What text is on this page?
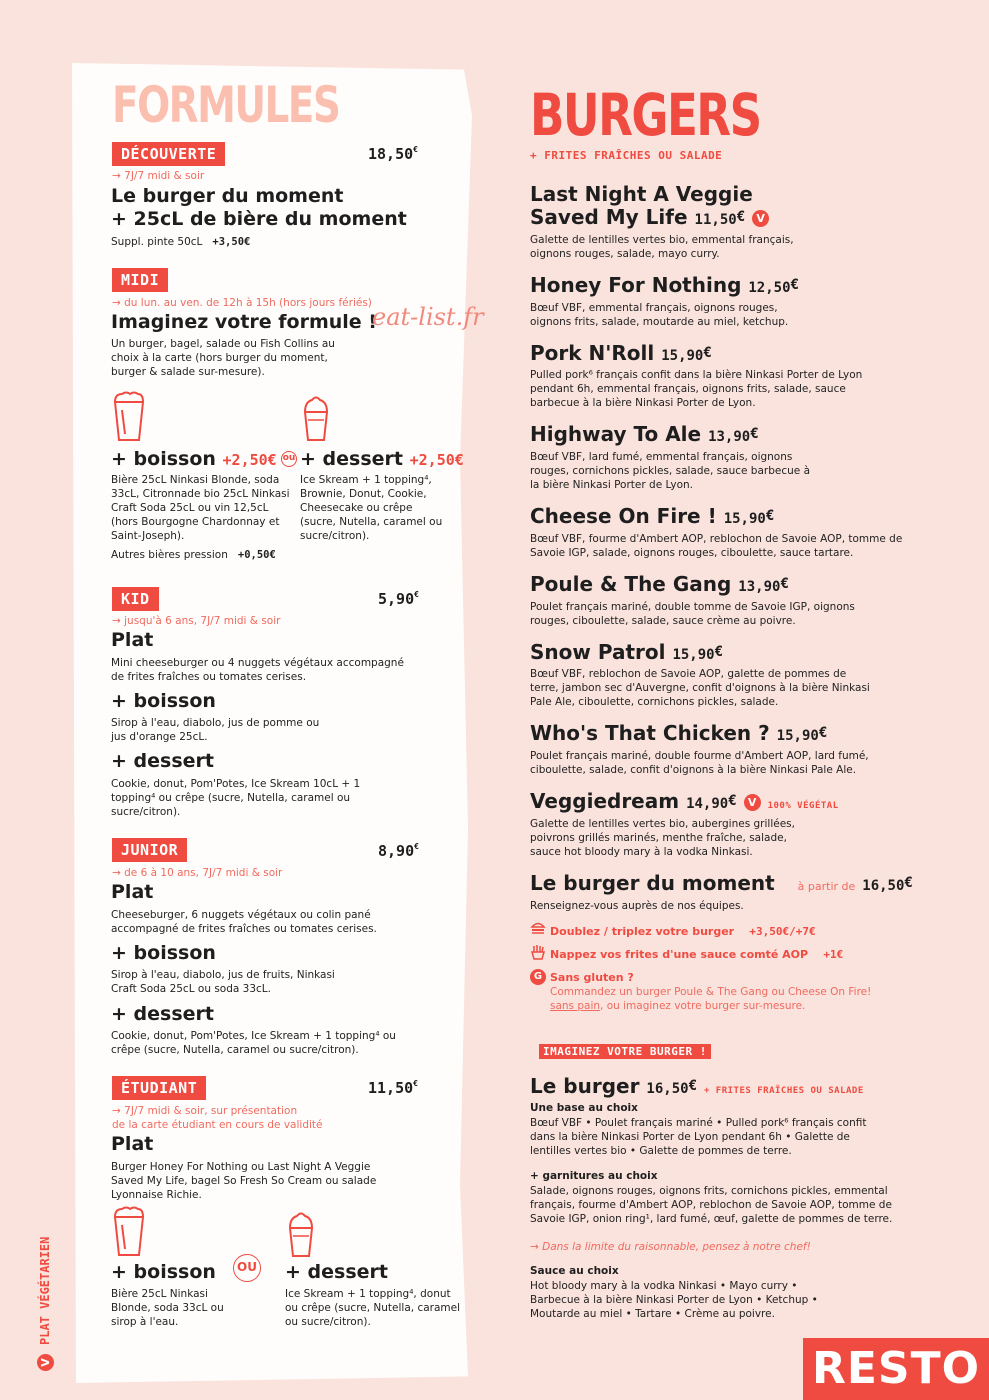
FORMULES
DÉCOUVERTE	18,50€
→ 7J/7 midi & soir
Le burger du moment
+ 25cL de bière du moment
Suppl. pinte 50cL +3,50€
MIDI
→ du lun. au ven. de 12h à 15h (hors jours fériés)
Imaginez votre formule !
eat-list.fr
Un burger, bagel, salade ou Fish Collins au choix à la carte (hors burger du moment, burger & salade sur-mesure).
+ boisson +2,50€ ou + dessert +2,50€
Bière 25cL Ninkasi Blonde, soda 33cL, Citronnade bio 25cL Ninkasi Craft Soda 25cL ou vin 12,5cL (hors Bourgogne Chardonnay et Saint-Joseph).
Autres bières pression +0,50€
Ice Skream + 1 topping⁴, Brownie, Donut, Cookie, Cheesecake ou crêpe (sucre, Nutella, caramel ou sucre/citron).
KID	5,90€
→ jusqu'à 6 ans, 7J/7 midi & soir
Plat
Mini cheeseburger ou 4 nuggets végétaux accompagné de frites fraîches ou tomates cerises.
+ boisson
Sirop à l'eau, diabolo, jus de pomme ou jus d'orange 25cL.
+ dessert
Cookie, donut, Pom'Potes, Ice Skream 10cL + 1 topping⁴ ou crêpe (sucre, Nutella, caramel ou sucre/citron).
JUNIOR	8,90€
→ de 6 à 10 ans, 7J/7 midi & soir
Plat
Cheeseburger, 6 nuggets végétaux ou colin pané accompagné de frites fraîches ou tomates cerises.
+ boisson
Sirop à l'eau, diabolo, jus de fruits, Ninkasi Craft Soda 25cL ou soda 33cL.
+ dessert
Cookie, donut, Pom'Potes, Ice Skream + 1 topping⁴ ou crêpe (sucre, Nutella, caramel ou sucre/citron).
ÉTUDIANT	11,50€
→ 7J/7 midi & soir, sur présentation
de la carte étudiant en cours de validité
Plat
Burger Honey For Nothing ou Last Night A Veggie Saved My Life, bagel So Fresh So Cream ou salade Lyonnaise Richie.
+ boisson	OU + dessert
Bière 25cL Ninkasi Blonde, soda 33cL ou sirop à l'eau.
Ice Skream + 1 topping⁴, donut ou crêpe (sucre, Nutella, caramel ou sucre/citron).
V
PLAT VÉGÉTARIEN
BURGERS
+ FRITES FRAÎCHES OU SALADE
Last Night A Veggie
Saved My Life 11,50€ V
Galette de lentilles vertes bio, emmental français, oignons rouges, salade, mayo curry.
Honey For Nothing 12,50€
Bœuf VBF, emmental français, oignons rouges, oignons frits, salade, moutarde au miel, ketchup.
Pork N'Roll 15,90€
Pulled pork⁶ français confit dans la bière Ninkasi Porter de Lyon pendant 6h, emmental français, oignons frits, salade, sauce barbecue à la bière Ninkasi Porter de Lyon.
Highway To Ale 13,90€
Bœuf VBF, lard fumé, emmental français, oignons rouges, cornichons pickles, salade, sauce barbecue à la bière Ninkasi Porter de Lyon.
Cheese On Fire ! 15,90€
Bœuf VBF, fourme d'Ambert AOP, reblochon de Savoie AOP, tomme de Savoie IGP, salade, oignons rouges, ciboulette, sauce tartare.
Poule & The Gang 13,90€
Poulet français mariné, double tomme de Savoie IGP, oignons rouges, ciboulette, salade, sauce crème au poivre.
Snow Patrol 15,90€
Bœuf VBF, reblochon de Savoie AOP, galette de pommes de terre, jambon sec d'Auvergne, confit d'oignons à la bière Ninkasi Pale Ale, ciboulette, cornichons pickles, salade.
Who's That Chicken ? 15,90€
Poulet français mariné, double fourme d'Ambert AOP, lard fumé, ciboulette, salade, confit d'oignons à la bière Ninkasi Pale Ale.
Veggiedream 14,90€ V 100% VÉGÉTAL
Galette de lentilles vertes bio, aubergines grillées, poivrons grillés marinés, menthe fraîche, salade, sauce hot bloody mary à la vodka Ninkasi.
Le burger du moment à partir de 16,50€
Renseignez-vous auprès de nos équipes.
Doublez / triplez votre burger +3,50€/+7€
Nappez vos frites d'une sauce comté AOP +1€
G Sans gluten ?
Commandez un burger Poule & The Gang ou Cheese On Fire!
sans pain, ou imaginez votre burger sur-mesure.
IMAGINEZ VOTRE BURGER !
Le burger 16,50€ + FRITES FRAÎCHES OU SALADE
Une base au choix
Bœuf VBF • Poulet français mariné • Pulled pork⁶ français confit dans la bière Ninkasi Porter de Lyon pendant 6h • Galette de lentilles vertes bio • Galette de pommes de terre.
+ garnitures au choix
Salade, oignons rouges, oignons frits, cornichons pickles, emmental français, fourme d'Ambert AOP, reblochon de Savoie AOP, tomme de Savoie IGP, onion ring¹, lard fumé, œuf, galette de pommes de terre.
→ Dans la limite du raisonnable, pensez à notre chef!
Sauce au choix
Hot bloody mary à la vodka Ninkasi • Mayo curry • Barbecue à la bière Ninkasi Porter de Lyon • Ketchup • Moutarde au miel • Tartare • Crème au poivre.
RESTO
